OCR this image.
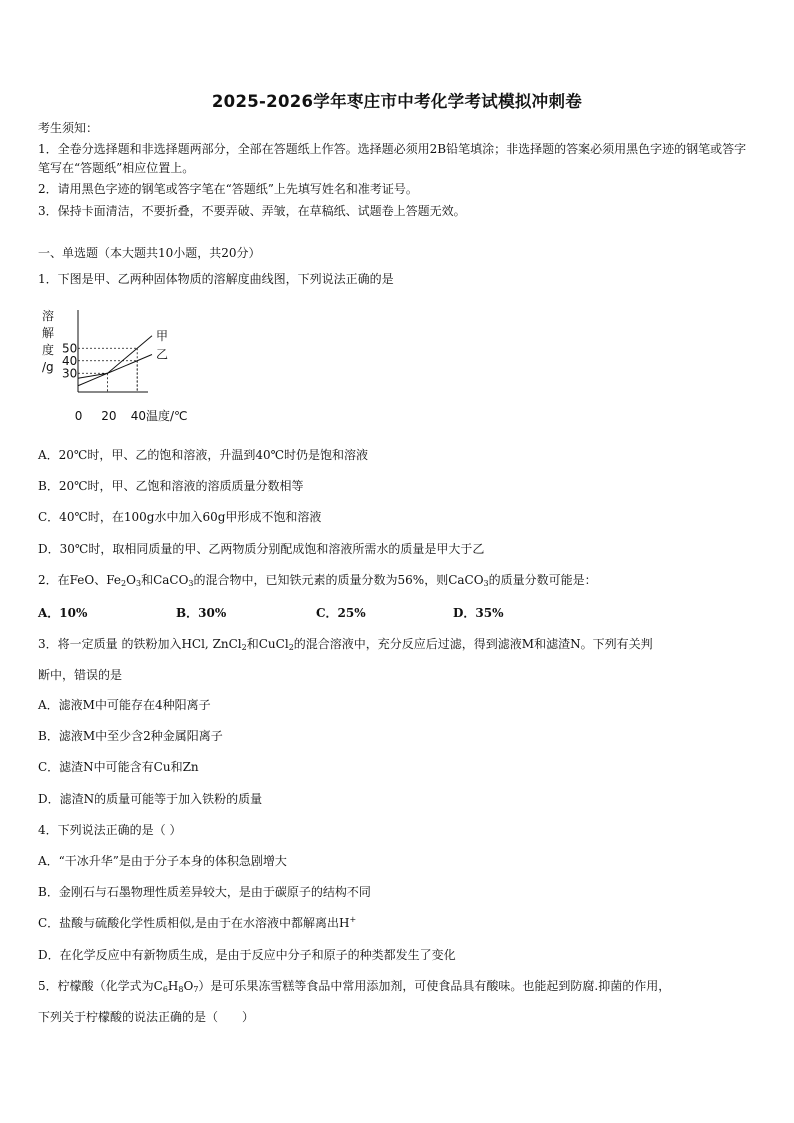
2025-2026学年枣庄市中考化学考试模拟冲刺卷
考生须知：
1．全卷分选择题和非选择题两部分，全部在答题纸上作答。选择题必须用2B铅笔填涂；非选择题的答案必须用黑色字迹的钢笔或答字笔写在“答题纸”相应位置上。
2．请用黑色字迹的钢笔或答字笔在“答题纸”上先填写姓名和准考证号。
3．保持卡面清洁，不要折叠，不要弄破、弄皱，在草稿纸、试题卷上答题无效。
一、单选题（本大题共10小题，共20分）
1．下图是甲、乙两种固体物质的溶解度曲线图，下列说法正确的是
甲
乙
50
40
30
0 20 40 温度/℃
溶
解
度
/g
A．20℃时，甲、乙的饱和溶液，升温到40℃时仍是饱和溶液
B．20℃时，甲、乙饱和溶液的溶质质量分数相等
C．40℃时，在100g水中加入60g甲形成不饱和溶液
D．30℃时，取相同质量的甲、乙两物质分别配成饱和溶液所需水的质量是甲大于乙
2．在FeO、$Fe_2O_3$和CaCO$_3$的混合物中，已知铁元素的质量分数为56%，则CaCO$_3$的质量分数可能是：
A．10%	B．30%	C．25%	D．35%
3．将一定质量 的铁粉加入HCl, ZnCl$_2$和CuCl$_2$的混合溶液中，充分反应后过滤，得到滤液M和滤渣N。下列有关判
断中，错误的是
A．滤液M中可能存在4种阳离子
B．滤液M中至少含2种金属阳离子
C．滤渣N中可能含有Cu和Zn
D．滤渣N的质量可能等于加入铁粉的质量
4．下列说法正确的是（ ）
A．“干冰升华”是由于分子本身的体积急剧增大
B．金刚石与石墨物理性质差异较大，是由于碳原子的结构不同
C．盐酸与硫酸化学性质相似,是由于在水溶液中都解离出H+
D．在化学反应中有新物质生成，是由于反应中分子和原子的种类都发生了变化
5．柠檬酸（化学式为$C_6H_8O_7$）是可乐果冻雪糕等食品中常用添加剂，可使食品具有酸味。也能起到防腐.抑菌的作用，
下列关于柠檬酸的说法正确的是（　　）
